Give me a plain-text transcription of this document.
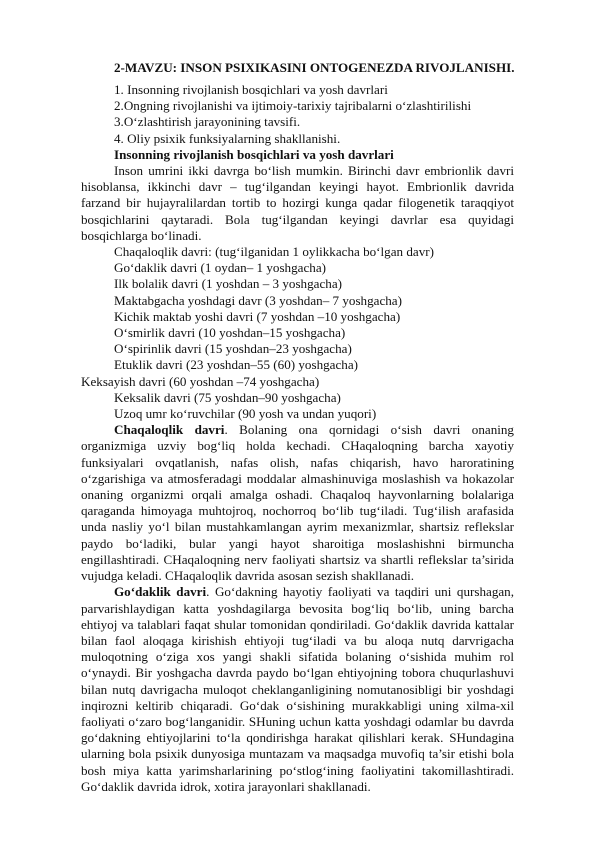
2-MAVZU: INSON PSIXIKASINI ONTOGENEZDA RIVOJLANISHI.
1. Insonning rivojlanish bosqichlari va yosh davrlari
2.Ongning rivojlanishi va ijtimoiy-tarixiy tajribalarni o‘zlashtirilishi
3.O‘zlashtirish jarayonining tavsifi.
4. Oliy psixik funksiyalarning shakllanishi.
Insonning rivojlanish bosqichlari va yosh davrlari
Inson umrini ikki davrga bo‘lish mumkin. Birinchi davr embrionlik davri hisoblansa, ikkinchi davr – tug‘ilgandan keyingi hayot. Embrionlik davrida farzand bir hujayralilardan tortib to hozirgi kunga qadar filogenetik taraqqiyot bosqichlarini qaytaradi. Bola tug‘ilgandan keyingi davrlar esa quyidagi bosqichlarga bo‘linadi.
Chaqaloqlik davri: (tug‘ilganidan 1 oylikkacha bo‘lgan davr)
Go‘daklik davri (1 oydan– 1 yoshgacha)
Ilk bolalik davri (1 yoshdan – 3 yoshgacha)
Maktabgacha yoshdagi davr (3 yoshdan– 7 yoshgacha)
Kichik maktab yoshi davri (7 yoshdan –10 yoshgacha)
O‘smirlik davri (10 yoshdan–15 yoshgacha)
O‘spirinlik davri (15 yoshdan–23 yoshgacha)
Etuklik davri (23 yoshdan–55 (60) yoshgacha)
Keksayish davri (60 yoshdan –74 yoshgacha)
Keksalik davri (75 yoshdan–90 yoshgacha)
Uzoq umr ko‘ruvchilar (90 yosh va undan yuqori)
Chaqaloqlik davri. Bolaning ona qornidagi o‘sish davri onaning organizmiga uzviy bog‘liq holda kechadi. CHaqaloqning barcha xayotiy funksiyalari ovqatlanish, nafas olish, nafas chiqarish, havo haroratining o‘zgarishiga va atmosferadagi moddalar almashinuviga moslashish va hokazolar onaning organizmi orqali amalga oshadi. Chaqaloq hayvonlarning bolalariga qaraganda himoyaga muhtojroq, nochorroq bo‘lib tug‘iladi. Tug‘ilish arafasida unda nasliy yo‘l bilan mustahkamlangan ayrim mexanizmlar, shartsiz reflekslar paydo bo‘ladiki, bular yangi hayot sharoitiga moslashishni birmuncha engillashtiradi. CHaqaloqning nerv faoliyati shartsiz va shartli reflekslar ta’sirida vujudga keladi. CHaqaloqlik davrida asosan sezish shakllanadi.
Go‘daklik davri. Go‘dakning hayotiy faoliyati va taqdiri uni qurshagan, parvarishlaydigan katta yoshdagilarga bevosita bog‘liq bo‘lib, uning barcha ehtiyoj va talablari faqat shular tomonidan qondiriladi. Go‘daklik davrida kattalar bilan faol aloqaga kirishish ehtiyoji tug‘iladi va bu aloqa nutq darvrigacha muloqotning o‘ziga xos yangi shakli sifatida bolaning o‘sishida muhim rol o‘ynaydi. Bir yoshgacha davrda paydo bo‘lgan ehtiyojning tobora chuqurlashuvi bilan nutq davrigacha muloqot cheklanganligining nomutanosibligi bir yoshdagi inqirozni keltirib chiqaradi. Go‘dak o‘sishining murakkabligi uning xilma-xil faoliyati o‘zaro bog‘langanidir. SHuning uchun katta yoshdagi odamlar bu davrda go‘dakning ehtiyojlarini to‘la qondirishga harakat qilishlari kerak. SHundagina ularning bola psixik dunyosiga muntazam va maqsadga muvofiq ta’sir etishi bola bosh miya katta yarimsharlarining po‘stlog‘ining faoliyatini takomillashtiradi. Go‘daklik davrida idrok, xotira jarayonlari shakllanadi.
